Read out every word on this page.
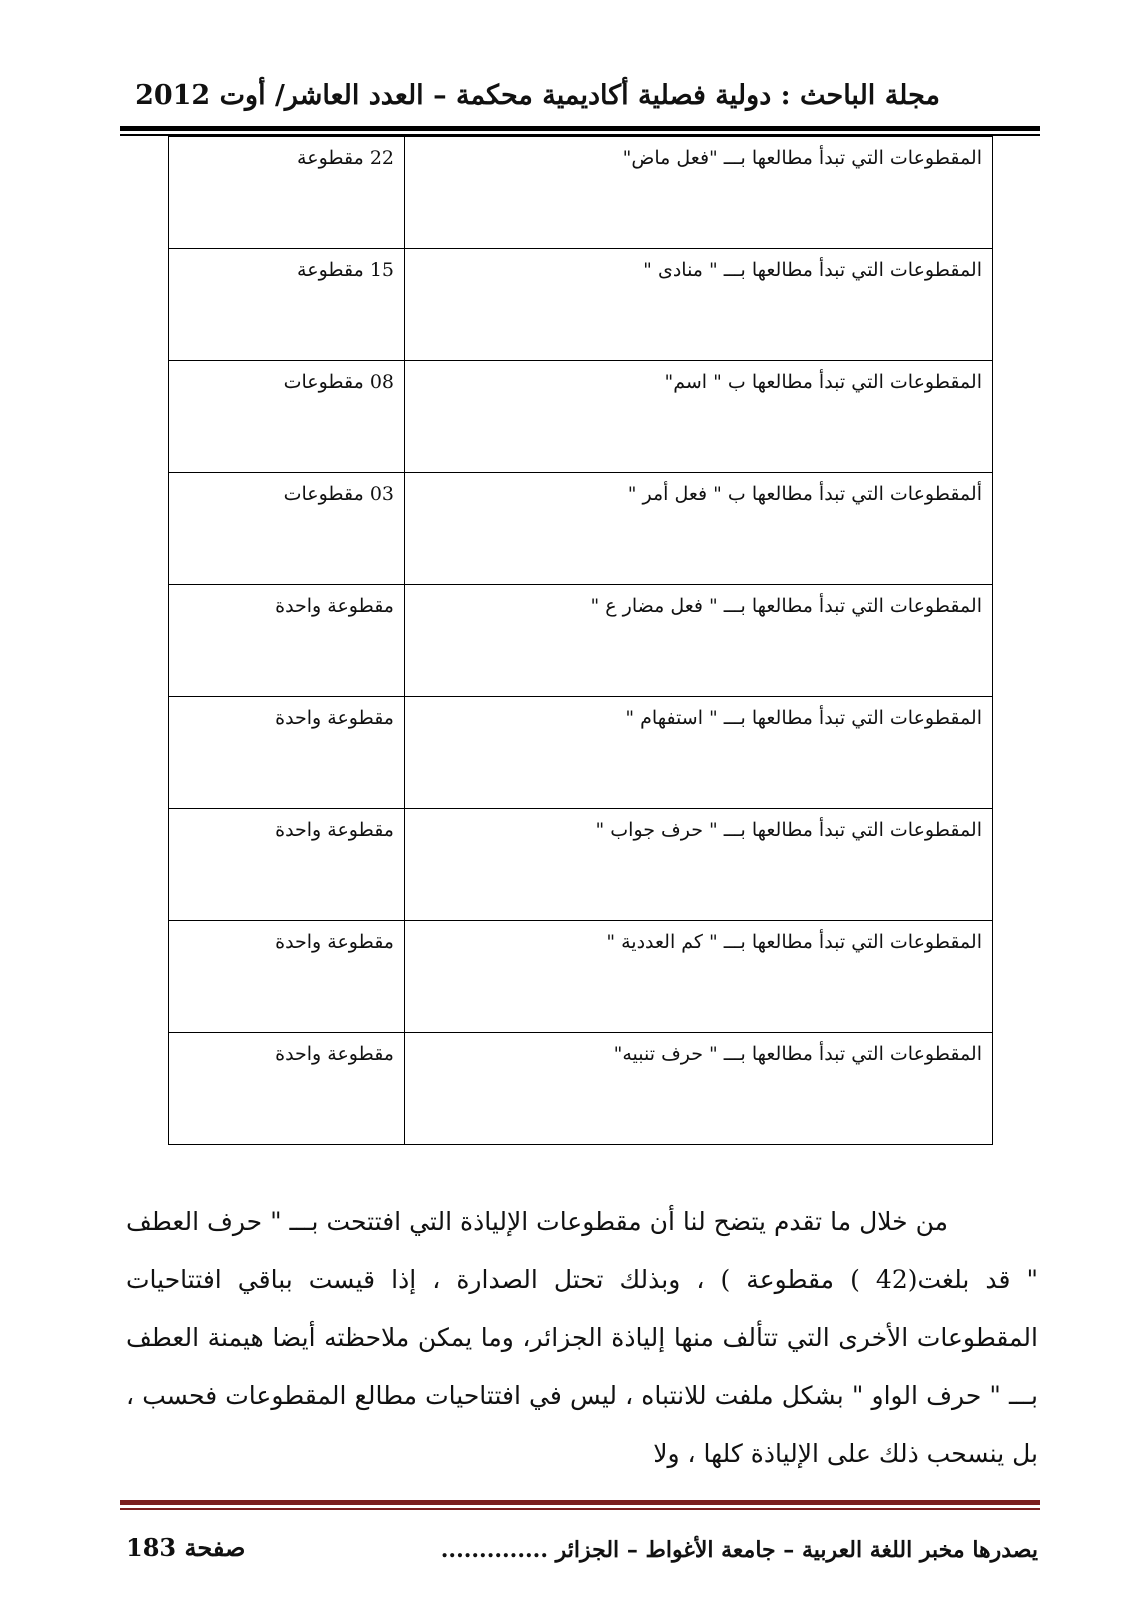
مجلة الباحث : دولية فصلية أكاديمية محكمة – العدد العاشر/ أوت 2012
المقطوعات التي تبدأ مطالعها بـــ "فعل ماض"	22 مقطوعة
المقطوعات التي تبدأ مطالعها بـــ " منادى "	15 مقطوعة
المقطوعات التي تبدأ مطالعها ب " اسم"	08 مقطوعات
ألمقطوعات التي تبدأ مطالعها ب " فعل أمر "	03 مقطوعات
المقطوعات التي تبدأ مطالعها بـــ " فعل مضار ع "	مقطوعة واحدة
المقطوعات التي تبدأ مطالعها بـــ " استفهام "	مقطوعة واحدة
المقطوعات التي تبدأ مطالعها بـــ " حرف جواب "	مقطوعة واحدة
المقطوعات التي تبدأ مطالعها بـــ " كم العددية "	مقطوعة واحدة
المقطوعات التي تبدأ مطالعها بـــ " حرف تنبيه"	مقطوعة واحدة

من خلال ما تقدم يتضح لنا أن مقطوعات الإلياذة التي افتتحت بـــ " حرف العطف " قد بلغت(42 ) مقطوعة ) ، وبذلك تحتل الصدارة ، إذا قيست بباقي افتتاحيات المقطوعات الأخرى التي تتألف منها إلياذة الجزائر، وما يمكن ملاحظته أيضا هيمنة العطف بـــ " حرف الواو " بشكل ملفت للانتباه ، ليس في افتتاحيات مطالع المقطوعات فحسب ، بل ينسحب ذلك على الإلياذة كلها ، ولا

يصدرها مخبر اللغة العربية – جامعة الأغواط – الجزائر ..............
صفحة 183
